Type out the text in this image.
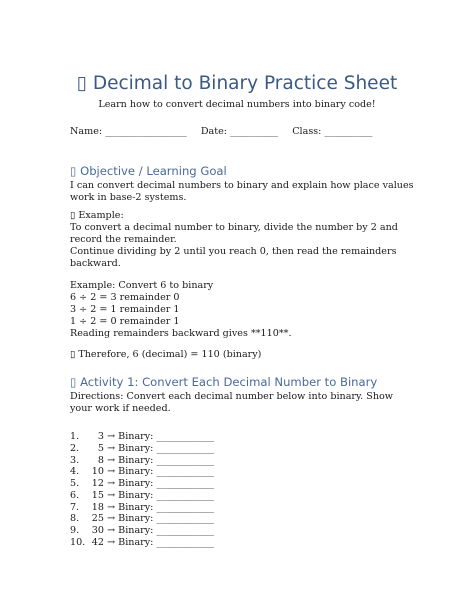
▯ Decimal to Binary Practice Sheet
Learn how to convert decimal numbers into binary code!
Name: _________________ Date: __________ Class: __________
▯ Objective / Learning Goal
I can convert decimal numbers to binary and explain how place values work in base-2 systems.
▯ Example:
To convert a decimal number to binary, divide the number by 2 and record the remainder.
Continue dividing by 2 until you reach 0, then read the remainders backward.
Example: Convert 6 to binary
6 ÷ 2 = 3 remainder 0
3 ÷ 2 = 1 remainder 1
1 ÷ 2 = 0 remainder 1
Reading remainders backward gives **110**.
▯ Therefore, 6 (decimal) = 110 (binary)
▯ Activity 1: Convert Each Decimal Number to Binary
Directions: Convert each decimal number below into binary. Show your work if needed.
1. 3 → Binary: ____________
2. 5 → Binary: ____________
3. 8 → Binary: ____________
4. 10 → Binary: ____________
5. 12 → Binary: ____________
6. 15 → Binary: ____________
7. 18 → Binary: ____________
8. 25 → Binary: ____________
9. 30 → Binary: ____________
10. 42 → Binary: ____________
